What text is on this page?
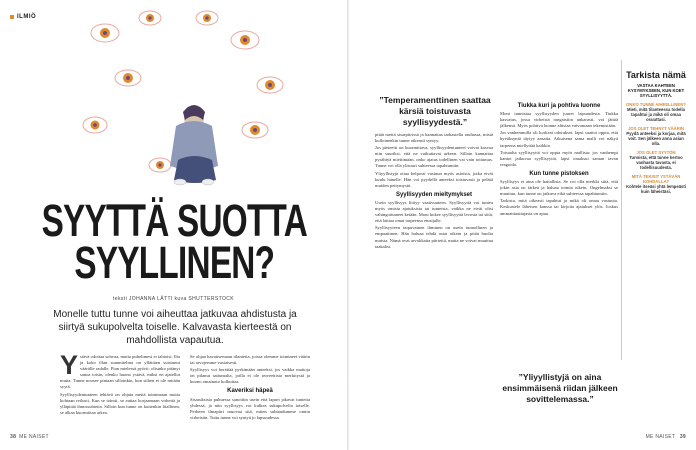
ILMIÖ
SYYTTÄ SUOTTA
SYYLLINEN?
teksti JOHANNA LÄTTI kuva SHUTTERSTOCK
Monelle tuttu tunne voi aiheuttaa jatkuvaa ahdistusta ja siirtyä sukupolvelta toiselle. Kalvavasta kierteestä on mahdollista vapautua.
Y stävä odottaa sohvaa, mutta puhelimesi ei tahtoisi. Ilta ja koko illan suunnitelma on yllättäen suistunut väärälle radalle. Pian mielessä pyörii: olisinko pitänyt sanoa toisin, olenko huono ystävä, miksi en ajatellut muita. Tunne nousee pintaan silloinkin, kun siihen ei ole mitään syytä.

Syyllisyydentunteen tehtävä on ohjata meitä toimimaan muita kohtaan reilusti. Kun se toimii, se auttaa korjaamaan virheitä ja ylläpitää ihmissuhteita. Silloin kun tunne on kuitenkin liiallinen, se alkaa kuormittaa arkea.

Se ohjaa havaitsemaan tilanteita, joissa olemme toimineet väärin tai arvojemme vastaisesti.

Syyllisyys voi herättää pyrkimään anteeksi, jos vaikka mattoja on pilanut sattumalta, joilla ei ole teoreettista merkitystä ja huono omatunto kolkuttaa.

Kaveriksi häpeä

Sisaruksista puhuessa sanottiin usein että lapset jakavat tunteita yhdessä, ja niin syyllisyys voi kulkea sukupolvelta toiselle. Perheen ilmapiiri muovaa sitä, miten suhtaudumme omiin virheisiin. Tuttu tunne voi syntyä jo lapsuudessa.

”Temperamenttinen saattaa kärsiä toistuvasta syyllisyydestä.”

pitää meitä sisarpiirissä ja kannattaa tarkastella rauhassa, mistä kulloinenkin tunne oikeasti syntyy.

Jos pieteetti on kuormittava, syyllisyydentunteet voivat kasvaa niin suuriksi, että ne vaikuttavat arkeen. Silloin kannattaa pysähtyä miettimään, onko ajatus todellinen vai vain tottumus. Tunne voi olla ylisuuri suhteessa tapahtumiin.

Yliyyllistyjä ottaa helposti vastuun myös asioista, jotka eivät kuulu hänelle. Hän voi pyydellä anteeksi toistuvasti ja pelätä muiden pettymystä.

Syyllisyyden mieltymykset

Usein syyllisyys liittyy vaativuuteen. Syyllisyyttä voi tuntea myös omista ajatuksista tai tunteista, vaikka ne eivät olisi vahingoittaneet ketään. Moni kokee syyllisyyttä levosta tai siitä, että laittaa omat tarpeensa etusijalle.

Syyllisyyteen taipuvainen ihminen on usein tunnollinen ja empaattinen. Hän haluaa tehdä asiat oikein ja pitää huolta muista. Nämä ovat arvokkaita piirteitä, mutta ne voivat muuttua taakaksi.

Tiukka kuri ja pohtiva luonne

Moni tunnistaa syyllisyyden juuret lapsuudesta. Tiukka kasvatus, jossa virheistä rangaistiin ankarasti, voi jättää jälkensä. Myös pohtiva luonne altistaa vatvomaan tekemisiään.

Jos vanhemmilla oli korkeat odotukset, lapsi saattoi oppia, että hyväksyntä täytyy ansaita. Aikuisena sama malli voi näkyä tarpeena miellyttää kaikkia.

Toisaalta syyllisyyttä voi oppia myös mallista: jos vanhempi kantoi jatkuvaa syyllisyyttä, lapsi omaksui saman tavan reagoida.

Kun tunne pistoksen

Syyllisyys ei aina ole haitallista. Se voi olla merkki siitä, että jokin asia on tärkeä ja haluaa toimia oikein. Ongelmaksi se muuttuu, kun tunne on jatkuva eikä suhteessa tapahtumiin.

Tarkista, mitä oikeasti tapahtui ja mikä oli omaa vastuuta. Keskustele läheisen kanssa tai kirjoita ajatukset ylös. Joskus ammattiauttajasta on apua.

”Yliyyllistyjä on aina ensimmäisenä riidan jälkeen sovittelemassa.”
Tarkista nämä
VASTAA KAHTEEN KYSYMYKSEEN, KUN KOET SYYLLISYYTTÄ.
ONKO TUNNE AIHEELLINEN?
Mieti, mitä tilanteessa todella tapahtui ja mikä oli omaa osuuttasi.
JOS OLET TEHNYT VÄÄRIN
Pyydä anteeksi ja korjaa, mitä voit. Sen jälkeen anna asian olla.
JOS OLET SYYTÖN
Tunnista, että tunne kertoo vanhasta tavasta, ei todellisuudesta.
MITÄ TEKISIT YSTÄVÄN KOHDALLA?
Kohtele itseäsi yhtä lempeästi kuin läheistäsi.
38 ME NAISET	ME NAISET 39
